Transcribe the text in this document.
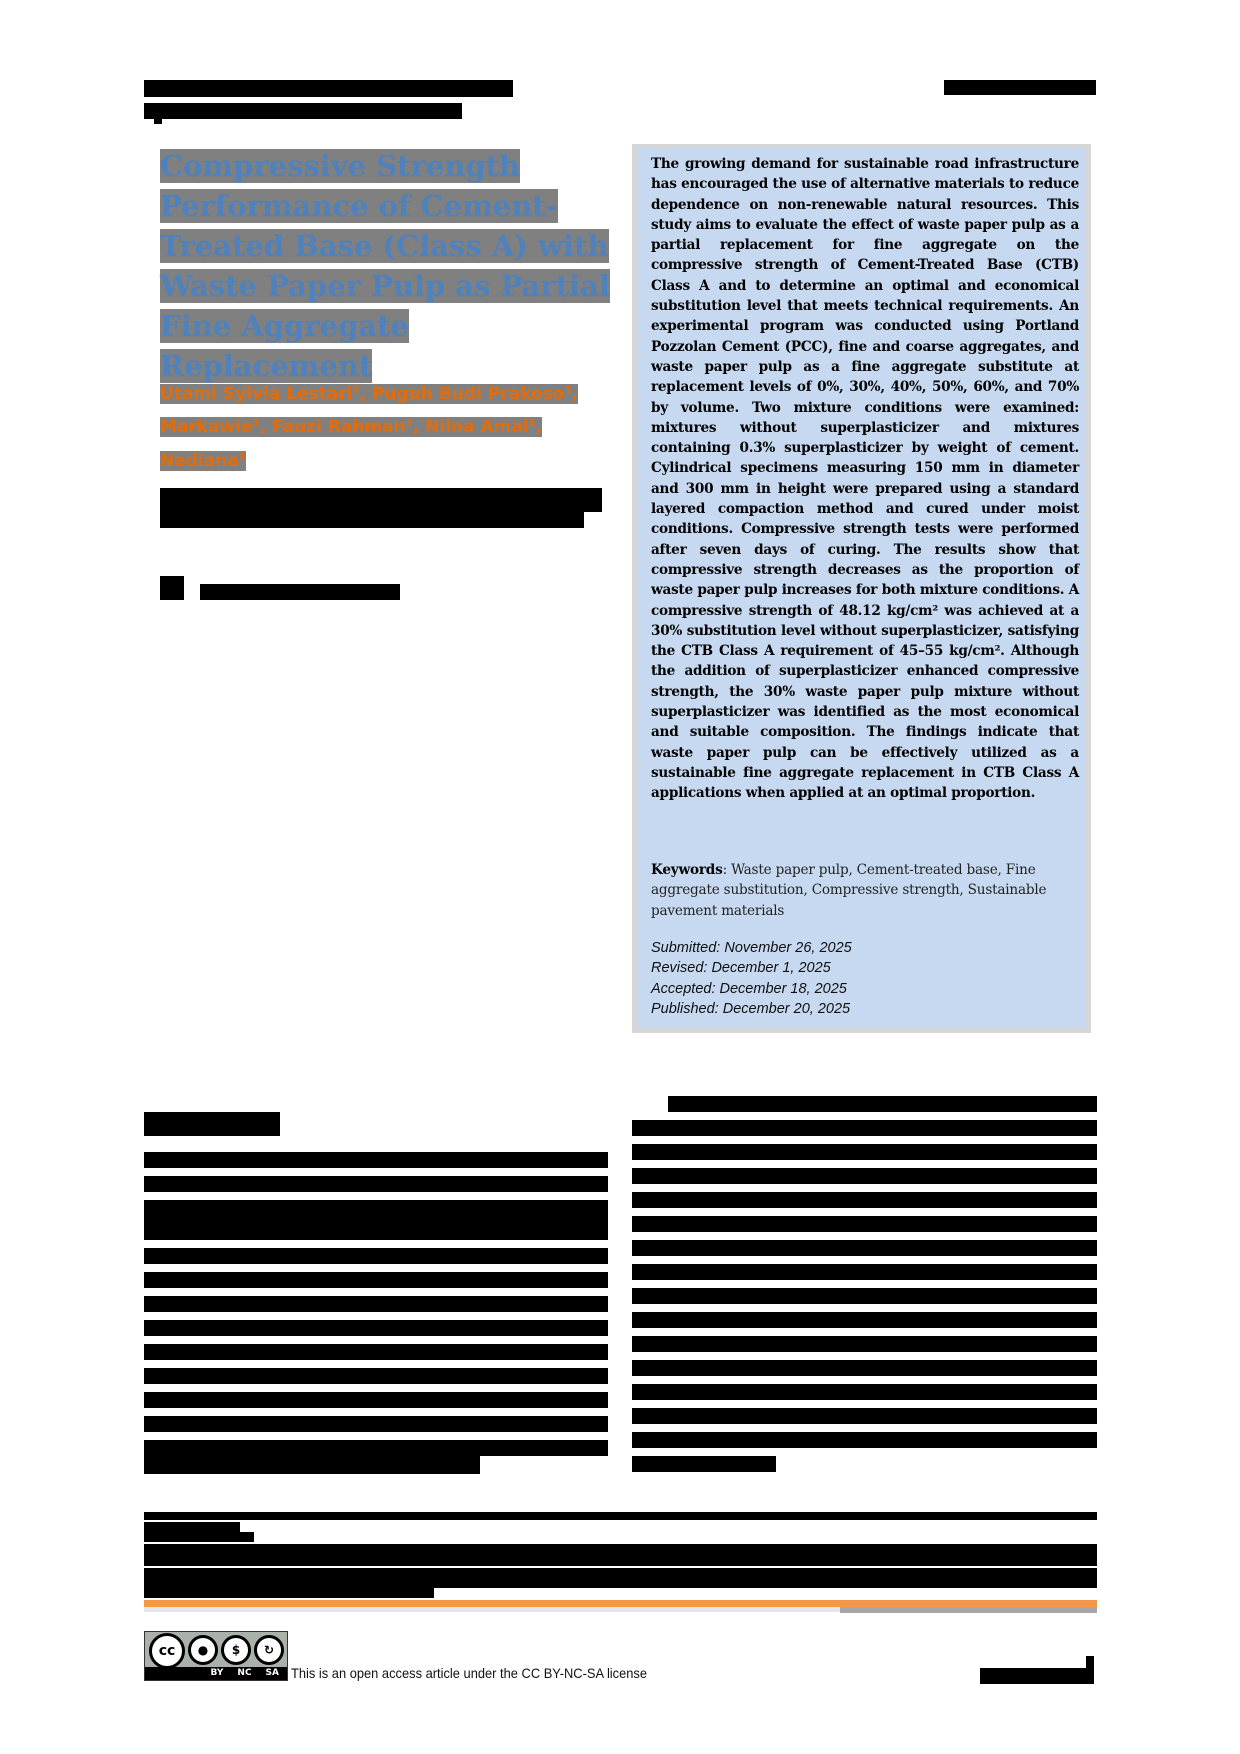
Compressive Strength
Performance of Cement-
Treated Base (Class A) with
Waste Paper Pulp as Partial
Fine Aggregate Replacement
Utami Sylvia Lestari$^1$, Puguh Budi Prakoso$^1$,
Markawie$^1$, Fauzi Rahman$^1$, Nilna Amal$^1$,
Nadiana$^1$
The growing demand for sustainable road infrastructure has encouraged the use of alternative materials to reduce dependence on non-renewable natural resources. This study aims to evaluate the effect of waste paper pulp as a partial replacement for fine aggregate on the compressive strength of Cement-Treated Base (CTB) Class A and to determine an optimal and economical substitution level that meets technical requirements. An experimental program was conducted using Portland Pozzolan Cement (PCC), fine and coarse aggregates, and waste paper pulp as a fine aggregate substitute at replacement levels of 0%, 30%, 40%, 50%, 60%, and 70% by volume. Two mixture conditions were examined: mixtures without superplasticizer and mixtures containing 0.3% superplasticizer by weight of cement. Cylindrical specimens measuring 150 mm in diameter and 300 mm in height were prepared using a standard layered compaction method and cured under moist conditions. Compressive strength tests were performed after seven days of curing. The results show that compressive strength decreases as the proportion of waste paper pulp increases for both mixture conditions. A compressive strength of 48.12 kg/cm² was achieved at a 30% substitution level without superplasticizer, satisfying the CTB Class A requirement of 45–55 kg/cm². Although the addition of superplasticizer enhanced compressive strength, the 30% waste paper pulp mixture without superplasticizer was identified as the most economical and suitable composition. The findings indicate that waste paper pulp can be effectively utilized as a sustainable fine aggregate replacement in CTB Class A applications when applied at an optimal proportion.
Keywords: Waste paper pulp, Cement-treated base, Fine aggregate substitution, Compressive strength, Sustainable pavement materials
Submitted: November 26, 2025
Revised: December 1, 2025
Accepted: December 18, 2025
Published: December 20, 2025
cc	●	$	↻
BY NC SA This is an open access article under the CC BY-NC-SA license
